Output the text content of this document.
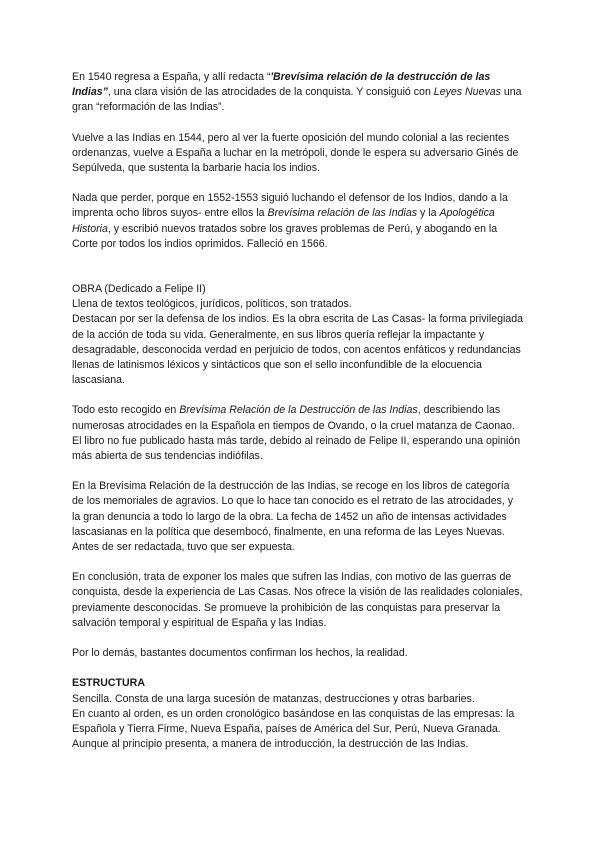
En 1540 regresa a España, y allí redacta “'Brevísima relación de la destrucción de las Indias”, una clara visión de las atrocidades de la conquista. Y consiguió con Leyes Nuevas una gran “reformación de las Indias”.

Vuelve a las Indias en 1544, pero al ver la fuerte oposición del mundo colonial a las recientes ordenanzas, vuelve a España a luchar en la metrópoli, donde le espera su adversario Ginés de Sepúlveda, que sustenta la barbarie hacia los indios.

Nada que perder, porque en 1552-1553 siguió luchando el defensor de los Indios, dando a la imprenta ocho libros suyos- entre ellos la Brevísima relación de las Indias y la Apologética Historia, y escribió nuevos tratados sobre los graves problemas de Perú, y abogando en la Corte por todos los indios oprimidos. Falleció en 1566.

OBRA (Dedicado a Felipe II)

Llena de textos teológicos, jurídicos, políticos, son tratados.

Destacan por ser la defensa de los indios. Es la obra escrita de Las Casas- la forma privilegiada de la acción de toda su vida. Generalmente, en sus libros quería reflejar la impactante y desagradable, desconocida verdad en perjuicio de todos, con acentos enfáticos y redundancias llenas de latinismos léxicos y sintácticos que son el sello inconfundible de la elocuencia lascasiana.

Todo esto recogido en Brevísima Relación de la Destrucción de las Indias, describiendo las numerosas atrocidades en la Española en tiempos de Ovando, o la cruel matanza de Caonao.

El libro no fue publicado hasta más tarde, debido al reinado de Felipe II, esperando una opinión más abierta de sus tendencias indiófilas.

En la Brevísima Relación de la destrucción de las Indias, se recoge en los libros de categoría de los memoriales de agravios. Lo que lo hace tan conocido es el retrato de las atrocidades, y la gran denuncia a todo lo largo de la obra. La fecha de 1452 un año de intensas actividades lascasianas en la política que desembocó, finalmente, en una reforma de las Leyes Nuevas. Antes de ser redactada, tuvo que ser expuesta.

En conclusión, trata de exponer los males que sufren las Indias, con motivo de las guerras de conquista, desde la experiencia de Las Casas. Nos ofrece la visión de las realidades coloniales, previamente desconocidas. Se promueve la prohibición de las conquistas para preservar la salvación temporal y espiritual de España y las Indias.

Por lo demás, bastantes documentos confirman los hechos, la realidad.

ESTRUCTURA

Sencilla. Consta de una larga sucesión de matanzas, destrucciones y otras barbaries.

En cuanto al orden, es un orden cronológico basándose en las conquistas de las empresas: la Española y Tierra Firme, Nueva España, países de América del Sur, Perú, Nueva Granada.

Aunque al principio presenta, a manera de introducción, la destrucción de las Indias.
